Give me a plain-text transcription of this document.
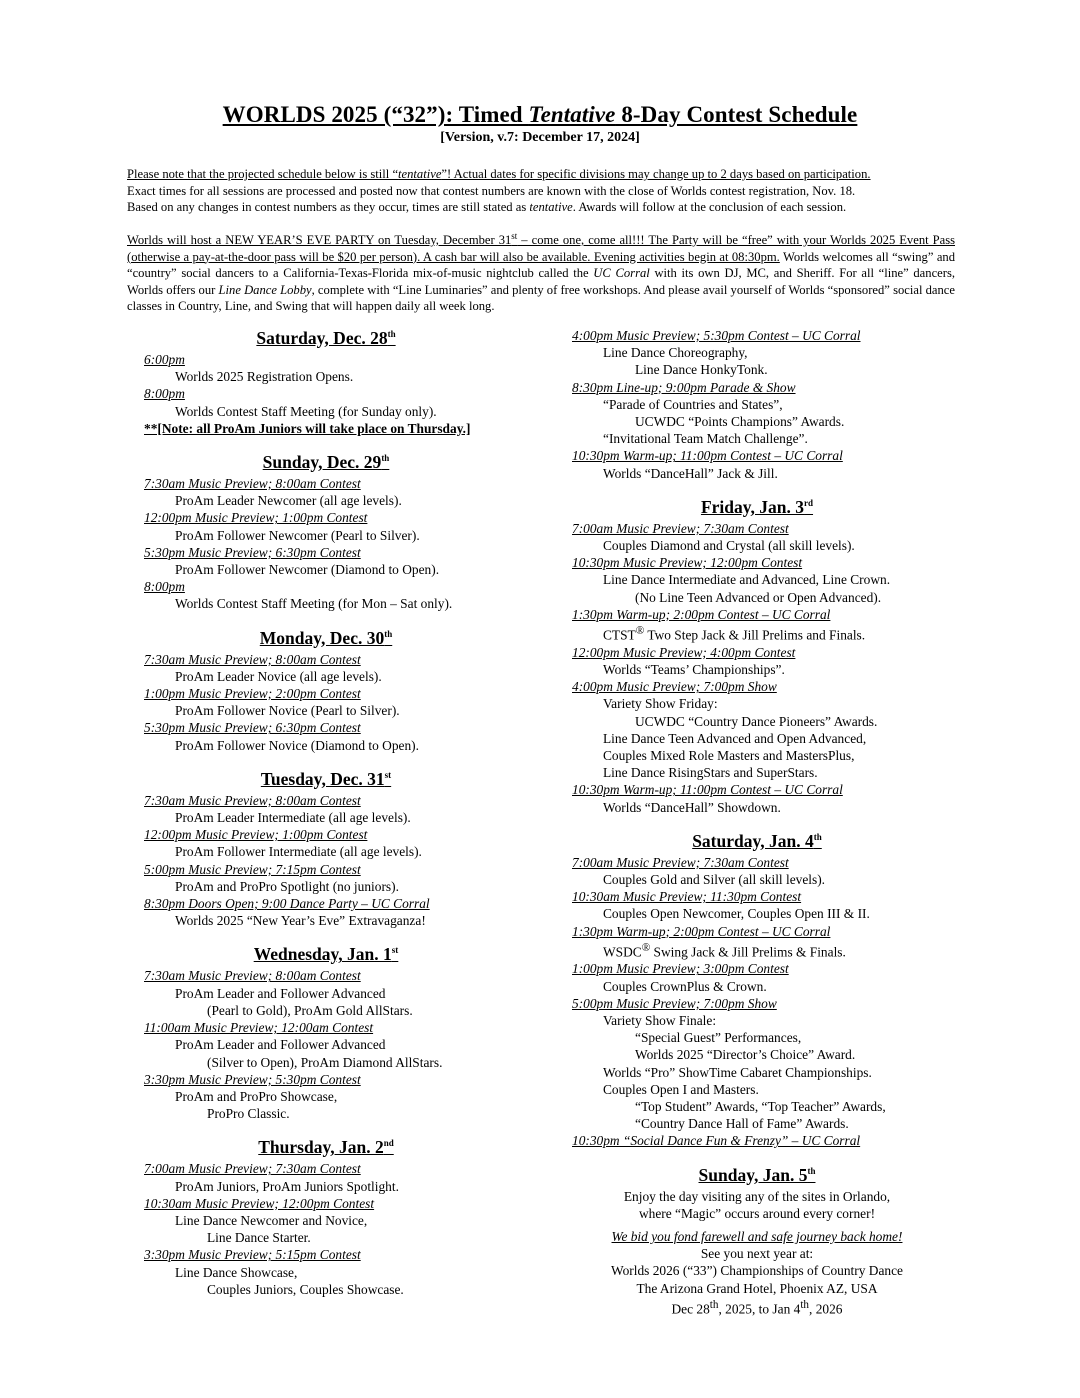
WORLDS 2025 (“32”): Timed Tentative 8-Day Contest Schedule
[Version, v.7: December 17, 2024]

Please note that the projected schedule below is still “tentative”! Actual dates for specific divisions may change up to 2 days based on participation.

Exact times for all sessions are processed and posted now that contest numbers are known with the close of Worlds contest registration, Nov. 18.

Based on any changes in contest numbers as they occur, times are still stated as tentative. Awards will follow at the conclusion of each session.

Worlds will host a NEW YEAR’S EVE PARTY on Tuesday, December 31st – come one, come all!!! The Party will be “free” with your Worlds 2025 Event Pass (otherwise a pay-at-the-door pass will be $20 per person). A cash bar will also be available. Evening activities begin at 08:30pm. Worlds welcomes all “swing” and “country” social dancers to a California-Texas-Florida mix-of-music nightclub called the UC Corral with its own DJ, MC, and Sheriff. For all “line” dancers, Worlds offers our Line Dance Lobby, complete with “Line Luminaries” and plenty of free workshops. And please avail yourself of Worlds “sponsored” social dance classes in Country, Line, and Swing that will happen daily all week long.

Saturday, Dec. 28th
6:00pm
Worlds 2025 Registration Opens.
8:00pm
Worlds Contest Staff Meeting (for Sunday only).
**[Note: all ProAm Juniors will take place on Thursday.]
Sunday, Dec. 29th
7:30am Music Preview; 8:00am Contest
ProAm Leader Newcomer (all age levels).
12:00pm Music Preview; 1:00pm Contest
ProAm Follower Newcomer (Pearl to Silver).
5:30pm Music Preview; 6:30pm Contest
ProAm Follower Newcomer (Diamond to Open).
8:00pm
Worlds Contest Staff Meeting (for Mon – Sat only).
Monday, Dec. 30th
7:30am Music Preview; 8:00am Contest
ProAm Leader Novice (all age levels).
1:00pm Music Preview; 2:00pm Contest
ProAm Follower Novice (Pearl to Silver).
5:30pm Music Preview; 6:30pm Contest
ProAm Follower Novice (Diamond to Open).
Tuesday, Dec. 31st
7:30am Music Preview; 8:00am Contest
ProAm Leader Intermediate (all age levels).
12:00pm Music Preview; 1:00pm Contest
ProAm Follower Intermediate (all age levels).
5:00pm Music Preview; 7:15pm Contest
ProAm and ProPro Spotlight (no juniors).
8:30pm Doors Open; 9:00 Dance Party – UC Corral
Worlds 2025 “New Year’s Eve” Extravaganza!
Wednesday, Jan. 1st
7:30am Music Preview; 8:00am Contest
ProAm Leader and Follower Advanced
(Pearl to Gold), ProAm Gold AllStars.
11:00am Music Preview; 12:00am Contest
ProAm Leader and Follower Advanced
(Silver to Open), ProAm Diamond AllStars.
3:30pm Music Preview; 5:30pm Contest
ProAm and ProPro Showcase,
ProPro Classic.
Thursday, Jan. 2nd
7:00am Music Preview; 7:30am Contest
ProAm Juniors, ProAm Juniors Spotlight.
10:30am Music Preview; 12:00pm Contest
Line Dance Newcomer and Novice,
Line Dance Starter.
3:30pm Music Preview; 5:15pm Contest
Line Dance Showcase,
Couples Juniors, Couples Showcase.
4:00pm Music Preview; 5:30pm Contest – UC Corral
Line Dance Choreography,
Line Dance HonkyTonk.
8:30pm Line-up; 9:00pm Parade & Show
“Parade of Countries and States”,
UCWDC “Points Champions” Awards.
“Invitational Team Match Challenge”.
10:30pm Warm-up; 11:00pm Contest – UC Corral
Worlds “DanceHall” Jack & Jill.
Friday, Jan. 3rd
7:00am Music Preview; 7:30am Contest
Couples Diamond and Crystal (all skill levels).
10:30pm Music Preview; 12:00pm Contest
Line Dance Intermediate and Advanced, Line Crown.
(No Line Teen Advanced or Open Advanced).
1:30pm Warm-up; 2:00pm Contest – UC Corral
CTST® Two Step Jack & Jill Prelims and Finals.
12:00pm Music Preview; 4:00pm Contest
Worlds “Teams’ Championships”.
4:00pm Music Preview; 7:00pm Show
Variety Show Friday:
UCWDC “Country Dance Pioneers” Awards.
Line Dance Teen Advanced and Open Advanced,
Couples Mixed Role Masters and MastersPlus,
Line Dance RisingStars and SuperStars.
10:30pm Warm-up; 11:00pm Contest – UC Corral
Worlds “DanceHall” Showdown.
Saturday, Jan. 4th
7:00am Music Preview; 7:30am Contest
Couples Gold and Silver (all skill levels).
10:30am Music Preview; 11:30pm Contest
Couples Open Newcomer, Couples Open III & II.
1:30pm Warm-up; 2:00pm Contest – UC Corral
WSDC® Swing Jack & Jill Prelims & Finals.
1:00pm Music Preview; 3:00pm Contest
Couples CrownPlus & Crown.
5:00pm Music Preview; 7:00pm Show
Variety Show Finale:
“Special Guest” Performances,
Worlds 2025 “Director’s Choice” Award.
Worlds “Pro” ShowTime Cabaret Championships.
Couples Open I and Masters.
“Top Student” Awards, “Top Teacher” Awards,
“Country Dance Hall of Fame” Awards.
10:30pm “Social Dance Fun & Frenzy” – UC Corral
Sunday, Jan. 5th
Enjoy the day visiting any of the sites in Orlando,
where “Magic” occurs around every corner!
We bid you fond farewell and safe journey back home!
See you next year at:
Worlds 2026 (“33”) Championships of Country Dance
The Arizona Grand Hotel, Phoenix AZ, USA
Dec 28th, 2025, to Jan 4th, 2026
